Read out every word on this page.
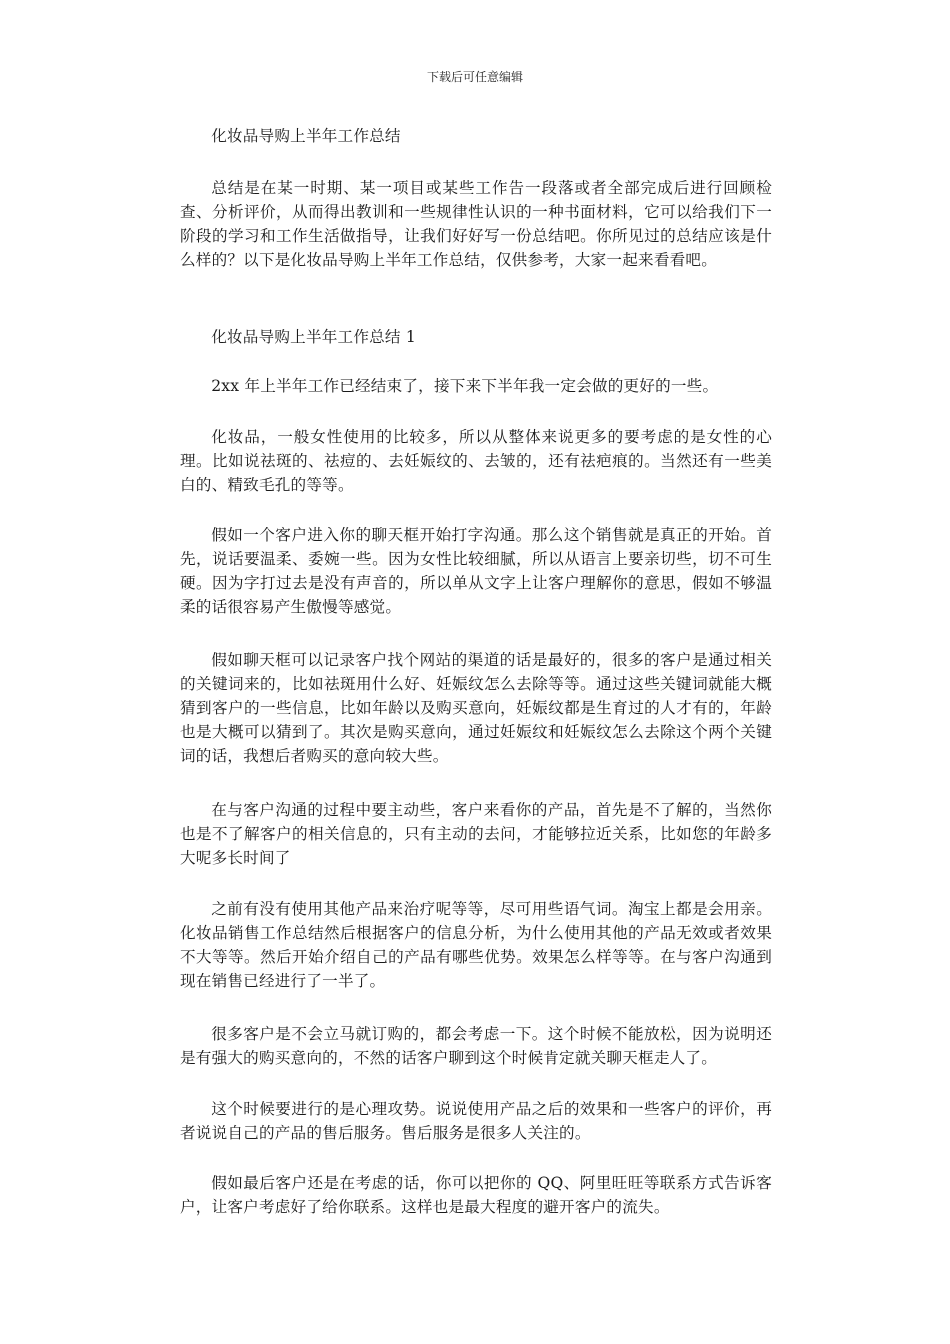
下载后可任意编辑

化妆品导购上半年工作总结

总结是在某一时期、某一项目或某些工作告一段落或者全部完成后进行回顾检查、分析评价，从而得出教训和一些规律性认识的一种书面材料，它可以给我们下一阶段的学习和工作生活做指导，让我们好好写一份总结吧。你所见过的总结应该是什么样的？以下是化妆品导购上半年工作总结，仅供参考，大家一起来看看吧。

化妆品导购上半年工作总结 1

2xx 年上半年工作已经结束了，接下来下半年我一定会做的更好的一些。

化妆品，一般女性使用的比较多，所以从整体来说更多的要考虑的是女性的心理。比如说祛斑的、祛痘的、去妊娠纹的、去皱的，还有祛疤痕的。当然还有一些美白的、精致毛孔的等等。

假如一个客户进入你的聊天框开始打字沟通。那么这个销售就是真正的开始。首先，说话要温柔、委婉一些。因为女性比较细腻，所以从语言上要亲切些，切不可生硬。因为字打过去是没有声音的，所以单从文字上让客户理解你的意思，假如不够温柔的话很容易产生傲慢等感觉。

假如聊天框可以记录客户找个网站的渠道的话是最好的，很多的客户是通过相关的关键词来的，比如祛斑用什么好、妊娠纹怎么去除等等。通过这些关键词就能大概猜到客户的一些信息，比如年龄以及购买意向，妊娠纹都是生育过的人才有的，年龄也是大概可以猜到了。其次是购买意向，通过妊娠纹和妊娠纹怎么去除这个两个关键词的话，我想后者购买的意向较大些。

在与客户沟通的过程中要主动些，客户来看你的产品，首先是不了解的，当然你也是不了解客户的相关信息的，只有主动的去问，才能够拉近关系，比如您的年龄多大呢多长时间了

之前有没有使用其他产品来治疗呢等等，尽可用些语气词。淘宝上都是会用亲。化妆品销售工作总结然后根据客户的信息分析，为什么使用其他的产品无效或者效果不大等等。然后开始介绍自己的产品有哪些优势。效果怎么样等等。在与客户沟通到现在销售已经进行了一半了。

很多客户是不会立马就订购的，都会考虑一下。这个时候不能放松，因为说明还是有强大的购买意向的，不然的话客户聊到这个时候肯定就关聊天框走人了。

这个时候要进行的是心理攻势。说说使用产品之后的效果和一些客户的评价，再者说说自己的产品的售后服务。售后服务是很多人关注的。

假如最后客户还是在考虑的话，你可以把你的 QQ、阿里旺旺等联系方式告诉客户，让客户考虑好了给你联系。这样也是最大程度的避开客户的流失。
